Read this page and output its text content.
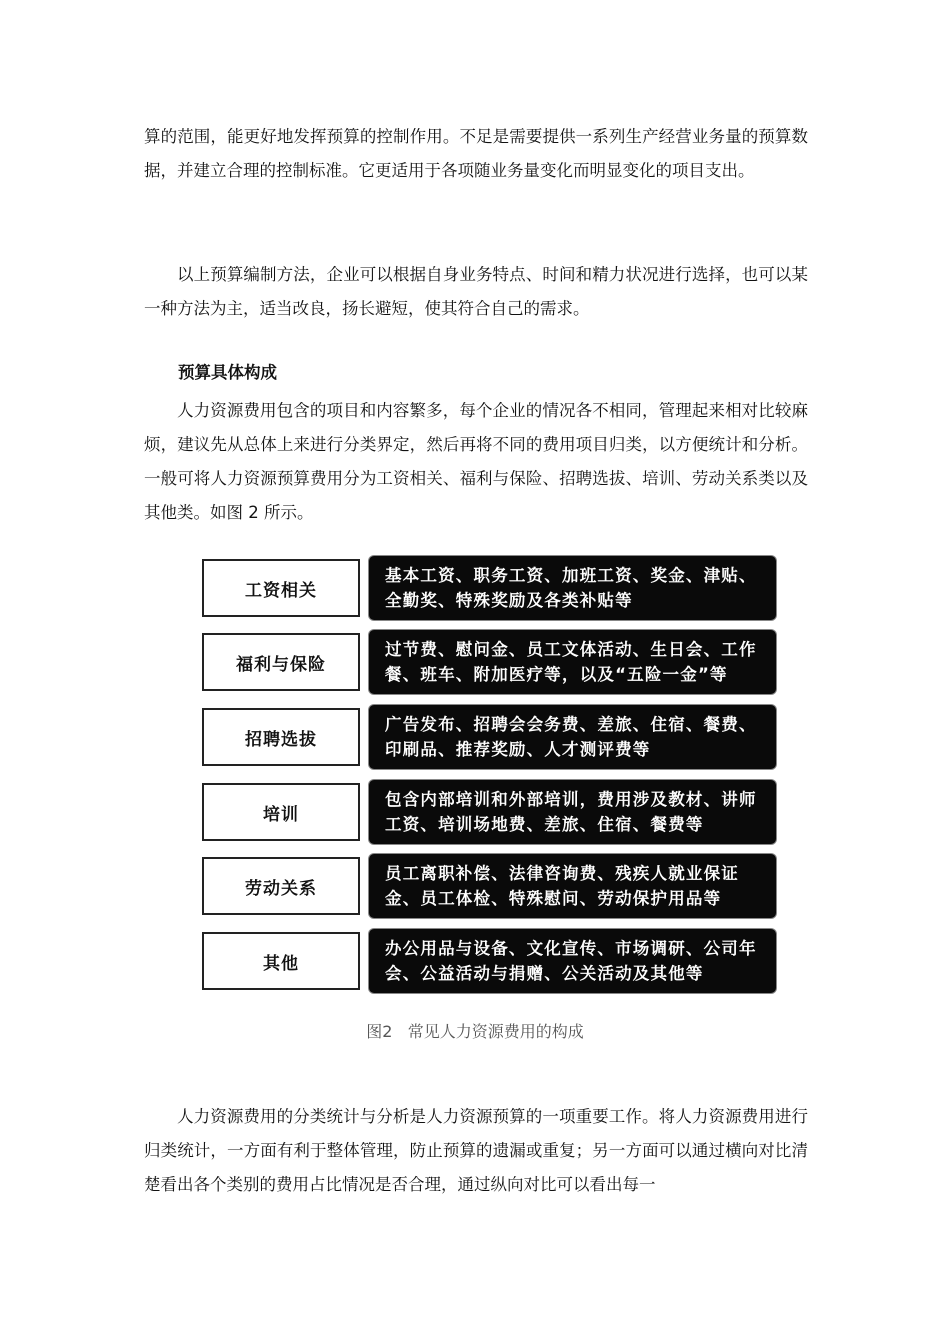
算的范围，能更好地发挥预算的控制作用。不足是需要提供一系列生产经营业务量的预算数据，并建立合理的控制标准。它更适用于各项随业务量变化而明显变化的项目支出。

以上预算编制方法，企业可以根据自身业务特点、时间和精力状况进行选择，也可以某一种方法为主，适当改良，扬长避短，使其符合自己的需求。

预算具体构成

人力资源费用包含的项目和内容繁多，每个企业的情况各不相同，管理起来相对比较麻烦，建议先从总体上来进行分类界定，然后再将不同的费用项目归类，以方便统计和分析。一般可将人力资源预算费用分为工资相关、福利与保险、招聘选拔、培训、劳动关系类以及其他类。如图 2 所示。

工资相关
基本工资、职务工资、加班工资、奖金、津贴、全勤奖、特殊奖励及各类补贴等
福利与保险
过节费、慰问金、员工文体活动、生日会、工作餐、班车、附加医疗等，以及“五险一金”等
招聘选拔
广告发布、招聘会会务费、差旅、住宿、餐费、印刷品、推荐奖励、人才测评费等
培训
包含内部培训和外部培训，费用涉及教材、讲师工资、培训场地费、差旅、住宿、餐费等
劳动关系
员工离职补偿、法律咨询费、残疾人就业保证金、员工体检、特殊慰问、劳动保护用品等
其他
办公用品与设备、文化宣传、市场调研、公司年会、公益活动与捐赠、公关活动及其他等
图2 常见人力资源费用的构成

人力资源费用的分类统计与分析是人力资源预算的一项重要工作。将人力资源费用进行归类统计，一方面有利于整体管理，防止预算的遗漏或重复；另一方面可以通过横向对比清楚看出各个类别的费用占比情况是否合理，通过纵向对比可以看出每一
